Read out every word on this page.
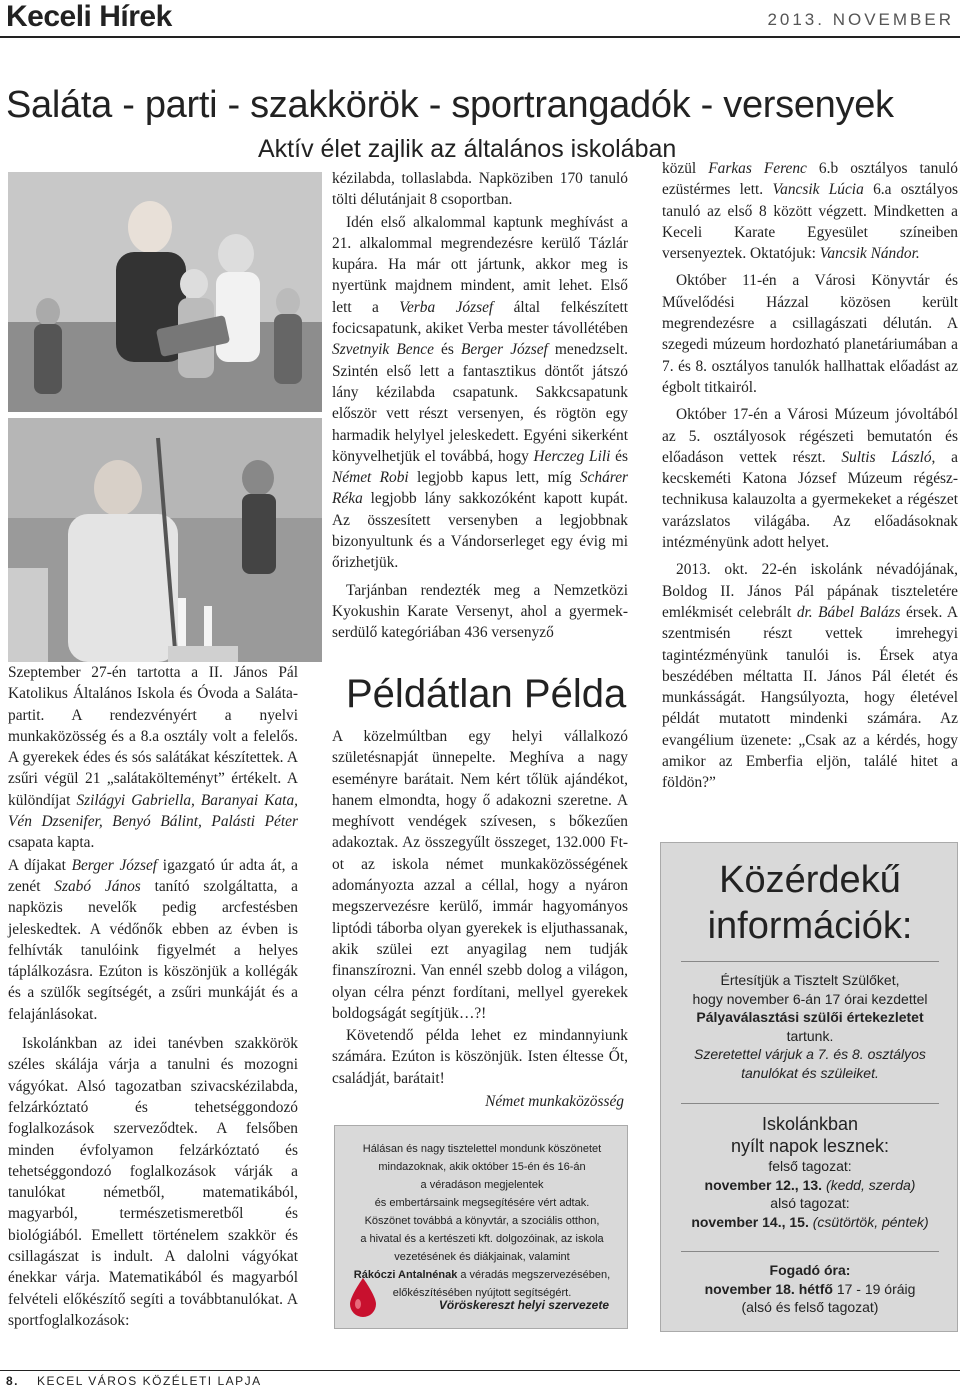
Keceli Hírek	2013. NOVEMBER
Saláta - parti - szakkörök - sportrangadók - versenyek
Aktív élet zajlik az általános iskolában

Szeptember 27-én tartotta a II. János Pál Katolikus Általános Iskola és Óvoda a Saláta-partit. A rendezvényért a nyelvi munkaközösség és a 8.a osztály volt a felelős. A gyerekek édes és sós salátákat készítettek. A zsűri végül 21 „salátakölteményt” értékelt. A különdíjat Szilágyi Gabriella, Baranyai Kata, Vén Dzsenifer, Benyó Bálint, Palásti Péter csapata kapta.

A díjakat Berger József igazgató úr adta át, a zenét Szabó János tanító szolgáltatta, a napközis nevelők pedig arcfestésben jeleskedtek. A védőnők ebben az évben is felhívták tanulóink figyelmét a helyes táplálkozásra. Ezúton is köszönjük a kollégák és a szülők segítségét, a zsűri munkáját és a felajánlásokat.

Iskolánkban az idei tanévben szakkörök széles skálája várja a tanulni és mozogni vágyókat. Alsó tagozatban szivacskézilabda, felzárkóztató és tehetséggondozó foglalkozások szerveződtek. A felsőben minden évfolyamon felzárkóztató és tehetséggondozó foglalkozások várják a tanulókat németből, matematikából, magyarból, természetismeretből és biológiából. Emellett történelem szakkör és csillagászat is indult. A dalolni vágyókat énekkar várja. Matematikából és magyarból felvételi előkészítő segíti a továbbtanulókat. A sportfoglalkozások:

kézilabda, tollaslabda. Napköziben 170 tanuló tölti délutánjait 8 csoportban.

Idén első alkalommal kaptunk meghívást a 21. alkalommal megrendezésre kerülő Tázlár kupára. Ha már ott jártunk, akkor meg is nyertünk majdnem mindent, amit lehet. Első lett a Verba József által felkészített focicsapatunk, akiket Verba mester távollétében Szvetnyik Bence és Berger József menedzselt. Szintén első lett a fantasztikus döntőt játszó lány kézilabda csapatunk. Sakkcsapatunk először vett részt versenyen, és rögtön egy harmadik helylyel jeleskedett. Egyéni sikerként könyvelhetjük el továbbá, hogy Herczeg Lili és Német Robi legjobb kapus lett, míg Schárer Réka legjobb lány sakkozóként kapott kupát. Az összesített versenyben a legjobbnak bizonyultunk és a Vándorserleget egy évig mi őrizhetjük.

Tarjánban rendezték meg a Nemzetközi Kyokushin Karate Versenyt, ahol a gyermek-serdülő kategóriában 436 versenyző

Példátlan Példa

A közelmúltban egy helyi vállalkozó születésnapját ünnepelte. Meghíva a nagy eseményre barátait. Nem kért tőlük ajándékot, hanem elmondta, hogy ő adakozni szeretne. A meghívott vendégek szívesen, s bőkezűen adakoztak. Az összegyűlt összeget, 132.000 Ft-ot az iskola német munkaközösségének adományozta azzal a céllal, hogy a nyáron megszervezésre kerülő, immár hagyományos liptódi táborba olyan gyerekek is eljuthassanak, akik szülei ezt anyagilag nem tudják finanszírozni. Van ennél szebb dolog a világon, olyan célra pénzt fordítani, mellyel gyerekek boldogságát segítjük…?!

Követendő példa lehet ez mindannyiunk számára. Ezúton is köszönjük. Isten éltesse Őt, családját, barátait!

Német munkaközösség
Hálásan és nagy tisztelettel mondunk köszönetet
mindazoknak, akik október 15-én és 16-án
a véradáson megjelentek
és embertársaink megsegítésére vért adtak.
Köszönet továbbá a könyvtár, a szociális otthon,
a hivatal és a kertészeti kft. dolgozóinak, az iskola
vezetésének és diákjainak, valamint
Rákóczi Antalnénak a véradás megszervezésében,
előkészítésében nyújtott segítségért.
Vöröskereszt helyi szervezete

közül Farkas Ferenc 6.b osztályos tanuló ezüstérmes lett. Vancsik Lúcia 6.a osztályos tanuló az első 8 között végzett. Mindketten a Keceli Karate Egyesület színeiben versenyeztek. Oktatójuk: Vancsik Nándor.

Október 11-én a Városi Könyvtár és Művelődési Házzal közösen került megrendezésre a csillagászati délután. A szegedi múzeum hordozható planetáriumában a 7. és 8. osztályos tanulók hallhattak előadást az égbolt titkairól.

Október 17-én a Városi Múzeum jóvoltából az 5. osztályosok régészeti bemutatón és előadáson vettek részt. Sultis László, a kecskeméti Katona József Múzeum régész-technikusa kalauzolta a gyermekeket a régészet varázslatos világába. Az előadásoknak intézményünk adott helyet.

2013. okt. 22-én iskolánk névadójának, Boldog II. János Pál pápának tiszteletére emlékmisét celebrált dr. Bábel Balázs érsek. A szentmisén részt vettek imrehegyi tagintézményünk tanulói is. Érsek atya beszédében méltatta II. János Pál életét és munkásságát. Hangsúlyozta, hogy életével példát mutatott mindenki számára. Az evangélium üzenete: „Csak az a kérdés, hogy amikor az Emberfia eljön, találé hitet a földön?”

Közérdekű
információk:
Értesítjük a Tisztelt Szülőket,
hogy november 6-án 17 órai kezdettel
Pályaválasztási szülői értekezletet
tartunk.
Szeretettel várjuk a 7. és 8. osztályos
tanulókat és szüleiket.
Iskolánkban
nyílt napok lesznek:
felső tagozat:
november 12., 13. (kedd, szerda)
alsó tagozat:
november 14., 15. (csütörtök, péntek)
Fogadó óra:
november 18. hétfő 17 - 19 óráig
(alsó és felső tagozat)
8. KECEL VÁROS KÖZÉLETI LAPJA
